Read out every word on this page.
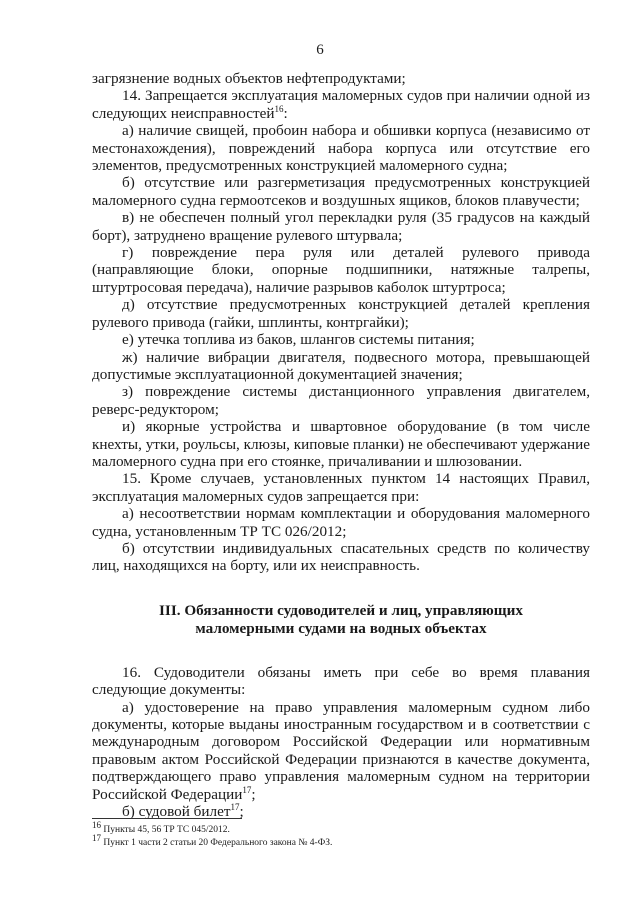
6

загрязнение водных объектов нефтепродуктами;

14. Запрещается эксплуатация маломерных судов при наличии одной из следующих неисправностей$^{16}$:

а) наличие свищей, пробоин набора и обшивки корпуса (независимо от местонахождения), повреждений набора корпуса или отсутствие его элементов, предусмотренных конструкцией маломерного судна;

б) отсутствие или разгерметизация предусмотренных конструкцией маломерного судна гермоотсеков и воздушных ящиков, блоков плавучести;

в) не обеспечен полный угол перекладки руля (35 градусов на каждый борт), затруднено вращение рулевого штурвала;

г) повреждение пера руля или деталей рулевого привода (направляющие блоки, опорные подшипники, натяжные талрепы, штуртросовая передача), наличие разрывов каболок штуртроса;

д) отсутствие предусмотренных конструкцией деталей крепления рулевого привода (гайки, шплинты, контргайки);

е) утечка топлива из баков, шлангов системы питания;

ж) наличие вибрации двигателя, подвесного мотора, превышающей допустимые эксплуатационной документацией значения;

з) повреждение системы дистанционного управления двигателем, реверс-редуктором;

и) якорные устройства и швартовное оборудование (в том числе кнехты, утки, роульсы, клюзы, киповые планки) не обеспечивают удержание маломерного судна при его стоянке, причаливании и шлюзовании.

15. Кроме случаев, установленных пунктом 14 настоящих Правил, эксплуатация маломерных судов запрещается при:

а) несоответствии нормам комплектации и оборудования маломерного судна, установленным ТР ТС 026/2012;

б) отсутствии индивидуальных спасательных средств по количеству лиц, находящихся на борту, или их неисправность.

III. Обязанности судоводителей и лиц, управляющих
маломерными судами на водных объектах

16. Судоводители обязаны иметь при себе во время плавания следующие документы:

а) удостоверение на право управления маломерным судном либо документы, которые выданы иностранным государством и в соответствии с международным договором Российской Федерации или нормативным правовым актом Российской Федерации признаются в качестве документа, подтверждающего право управления маломерным судном на территории Российской Федерации$^{17}$;

б) судовой билет$^{17}$;

$^{16}$ Пункты 45, 56 ТР ТС 045/2012.
$^{17}$ Пункт 1 части 2 статьи 20 Федерального закона № 4-ФЗ.
